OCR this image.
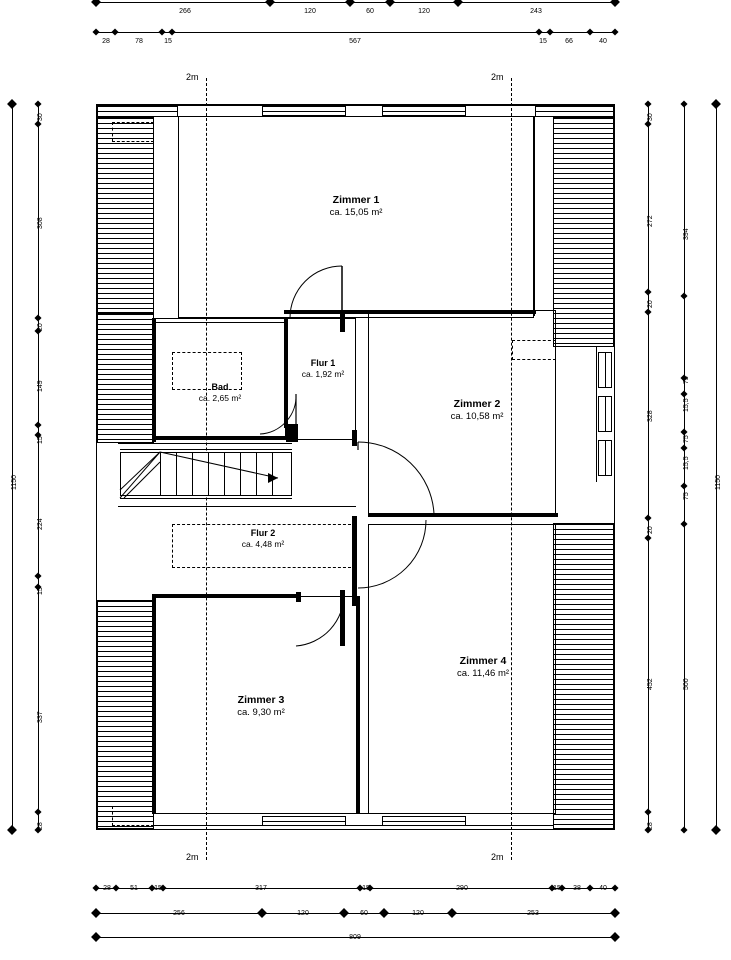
266	120	60	120	243
28	78	15	567	15	66	40
2m	2m
2m	2m
1150
30
308
20
149
15
224
15
337
28
30
272
20
328
20
452
28
394
75
15,5
75
15,5
75
500
1150
Zimmer 1
ca. 15,05 m²
Zimmer 2
ca. 10,58 m²
Zimmer 4
ca. 11,46 m²
Zimmer 3
ca. 9,30 m²
Bad
ca. 2,65 m²
Flur 1
ca. 1,92 m²
Flur 2
ca. 4,48 m²
28	51	15	317	15	290	15	38	40
256	120	60	120	253
809
